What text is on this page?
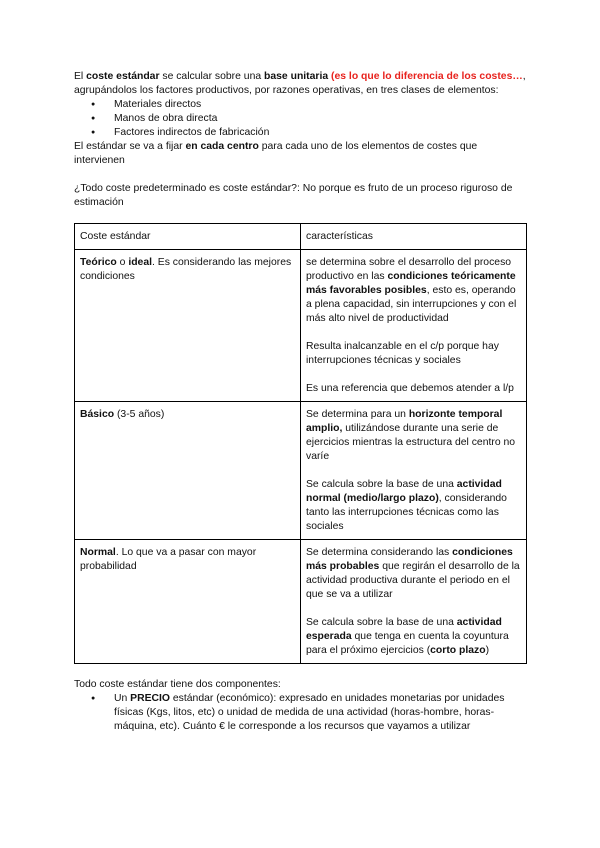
El coste estándar se calcular sobre una base unitaria (es lo que lo diferencia de los costes…, agrupándolos los factores productivos, por razones operativas, en tres clases de elementos:

● Materiales directos
● Manos de obra directa
● Factores indirectos de fabricación

El estándar se va a fijar en cada centro para cada uno de los elementos de costes que intervienen

¿Todo coste predeterminado es coste estándar?: No porque es fruto de un proceso riguroso de estimación

Coste estándar	características
Teórico o ideal. Es considerando las mejores condiciones	se determina sobre el desarrollo del proceso productivo en las condiciones teóricamente más favorables posibles, esto es, operando a plena capacidad, sin interrupciones y con el más alto nivel de productividad

Resulta inalcanzable en el c/p porque hay interrupciones técnicas y sociales

Es una referencia que debemos atender a l/p

Básico (3-5 años)	Se determina para un horizonte temporal amplio, utilizándose durante una serie de ejercicios mientras la estructura del centro no varíe

Se calcula sobre la base de una actividad normal (medio/largo plazo), considerando tanto las interrupciones técnicas como las sociales

Normal. Lo que va a pasar con mayor probabilidad	Se determina considerando las condiciones más probables que regirán el desarrollo de la actividad productiva durante el periodo en el que se va a utilizar

Se calcula sobre la base de una actividad esperada que tenga en cuenta la coyuntura para el próximo ejercicios (corto plazo)

Todo coste estándar tiene dos componentes:

● Un PRECIO estándar (económico): expresado en unidades monetarias por unidades físicas (Kgs, litos, etc) o unidad de medida de una actividad (horas-hombre, horas-máquina, etc). Cuánto € le corresponde a los recursos que vayamos a utilizar
